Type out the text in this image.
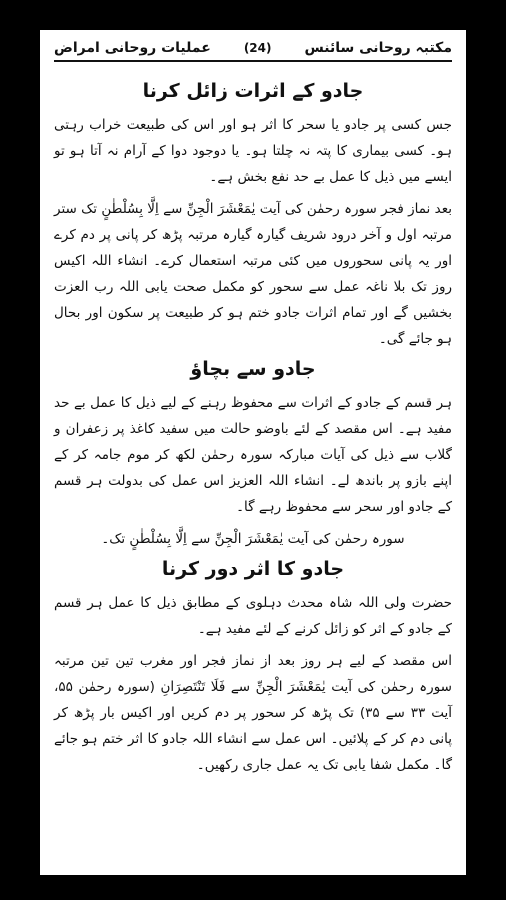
مکتبہ روحانی سائنس
(24)
عملیات روحانی امراض
جادو کے اثرات زائل کرنا

جس کسی پر جادو یا سحر کا اثر ہو اور اس کی طبیعت خراب رہتی ہو۔ کسی بیماری کا پتہ نہ چلتا ہو۔ یا دوجود دوا کے آرام نہ آتا ہو تو ایسے میں ذیل کا عمل بے حد نفع بخش ہے۔

بعد نماز فجر سورہ رحمٰن کی آیت یٰمَعْشَرَ الْجِنِّ سے اِلَّا بِسُلْطٰنٍ تک ستر مرتبہ اول و آخر درود شریف گیارہ گیارہ مرتبہ پڑھ کر پانی پر دم کرے اور یہ پانی سحوروں میں کئی مرتبہ استعمال کرے۔ انشاء اللہ اکیس روز تک بلا ناغہ عمل سے سحور کو مکمل صحت یابی اللہ رب العزت بخشیں گے اور تمام اثرات جادو ختم ہو کر طبیعت پر سکون اور بحال ہو جائے گی۔

جادو سے بچاؤ

ہر قسم کے جادو کے اثرات سے محفوظ رہنے کے لیے ذیل کا عمل بے حد مفید ہے۔ اس مقصد کے لئے باوضو حالت میں سفید کاغذ پر زعفران و گلاب سے ذیل کی آیات مبارکہ سورہ رحمٰن لکھ کر موم جامہ کر کے اپنے بازو پر باندھ لے۔ انشاء اللہ العزیز اس عمل کی بدولت ہر قسم کے جادو اور سحر سے محفوظ رہے گا۔

سورہ رحمٰن کی آیت یٰمَعْشَرَ الْجِنِّ سے اِلَّا بِسُلْطٰنٍ تک۔

جادو کا اثر دور کرنا

حضرت ولی اللہ شاہ محدث دہلوی کے مطابق ذیل کا عمل ہر قسم کے جادو کے اثر کو زائل کرنے کے لئے مفید ہے۔

اس مقصد کے لیے ہر روز بعد از نماز فجر اور مغرب تین تین مرتبہ سورہ رحمٰن کی آیت یٰمَعْشَرَ الْجِنِّ سے فَلَا تَنْتَصِرَانِ (سورہ رحمٰن ۵۵، آیت ۳۳ سے ۳۵) تک پڑھ کر سحور پر دم کریں اور اکیس بار پڑھ کر پانی دم کر کے پلائیں۔ اس عمل سے انشاء اللہ جادو کا اثر ختم ہو جائے گا۔ مکمل شفا یابی تک یہ عمل جاری رکھیں۔
